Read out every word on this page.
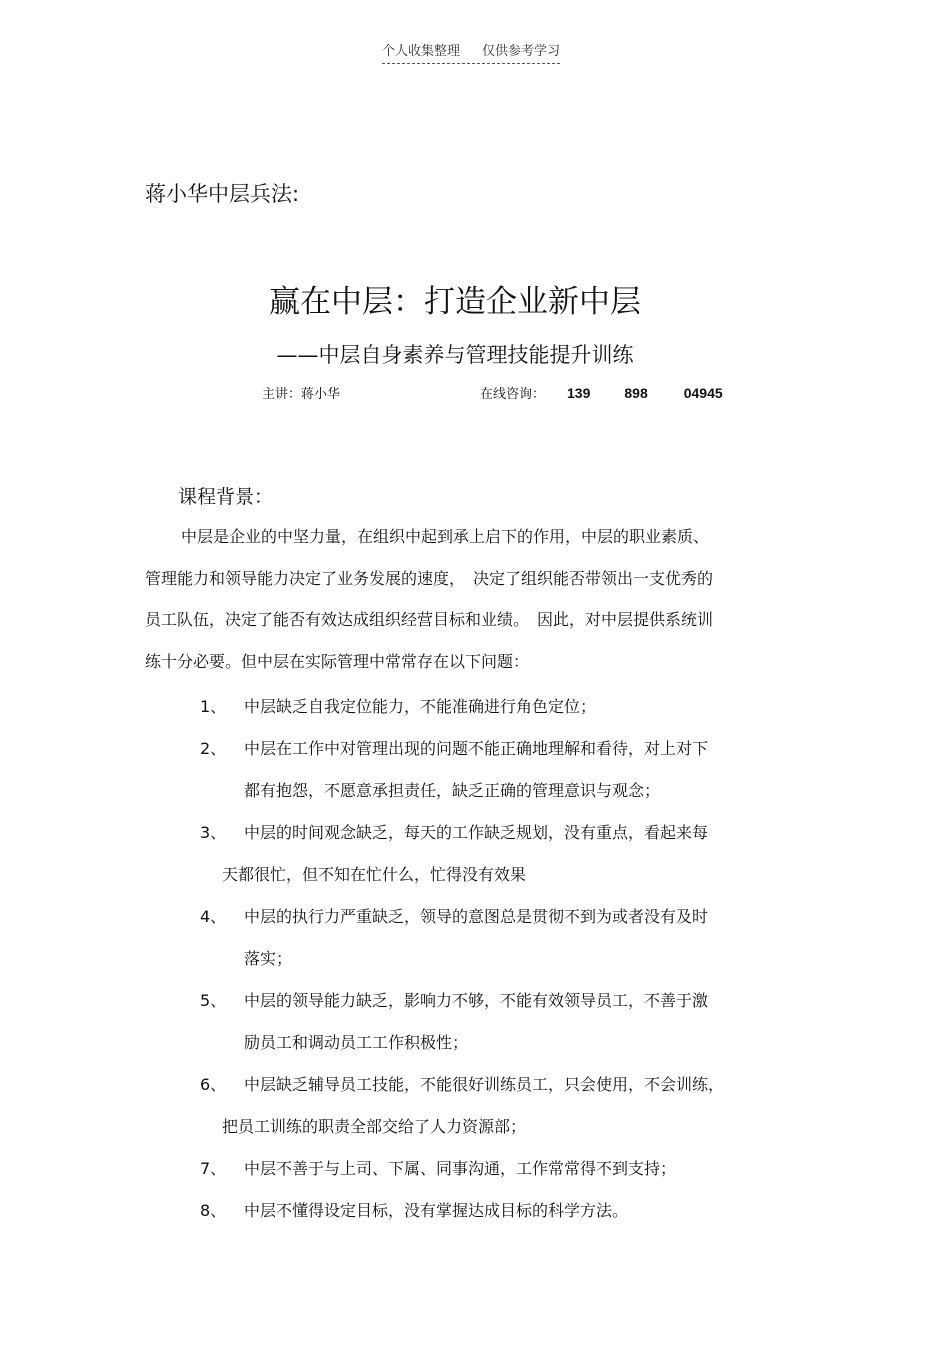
个人收集整理 仅供参考学习
蒋小华中层兵法:
赢在中层：打造企业新中层
——中层自身素养与管理技能提升训练
主讲：蒋小华	在线咨询： 139 898	04945
课程背景：
中层是企业的中坚力量，在组织中起到承上启下的作用，中层的职业素质、
管理能力和领导能力决定了业务发展的速度，　决定了组织能否带领出一支优秀的
员工队伍，决定了能否有效达成组织经营目标和业绩。　因此，对中层提供系统训
练十分必要。但中层在实际管理中常常存在以下问题：
1、	中层缺乏自我定位能力，不能准确进行角色定位；
2、	中层在工作中对管理出现的问题不能正确地理解和看待，对上对下
都有抱怨，不愿意承担责任，缺乏正确的管理意识与观念；
3、	中层的时间观念缺乏，每天的工作缺乏规划，没有重点，看起来每
天都很忙，但不知在忙什么，忙得没有效果
4、	中层的执行力严重缺乏，领导的意图总是贯彻不到为或者没有及时
落实；
5、	中层的领导能力缺乏，影响力不够，不能有效领导员工，不善于激
励员工和调动员工工作积极性；
6、	中层缺乏辅导员工技能，不能很好训练员工，只会使用，不会训练，
把员工训练的职责全部交给了人力资源部；
7、	中层不善于与上司、下属、同事沟通，工作常常得不到支持；
8、	中层不懂得设定目标，没有掌握达成目标的科学方法。
